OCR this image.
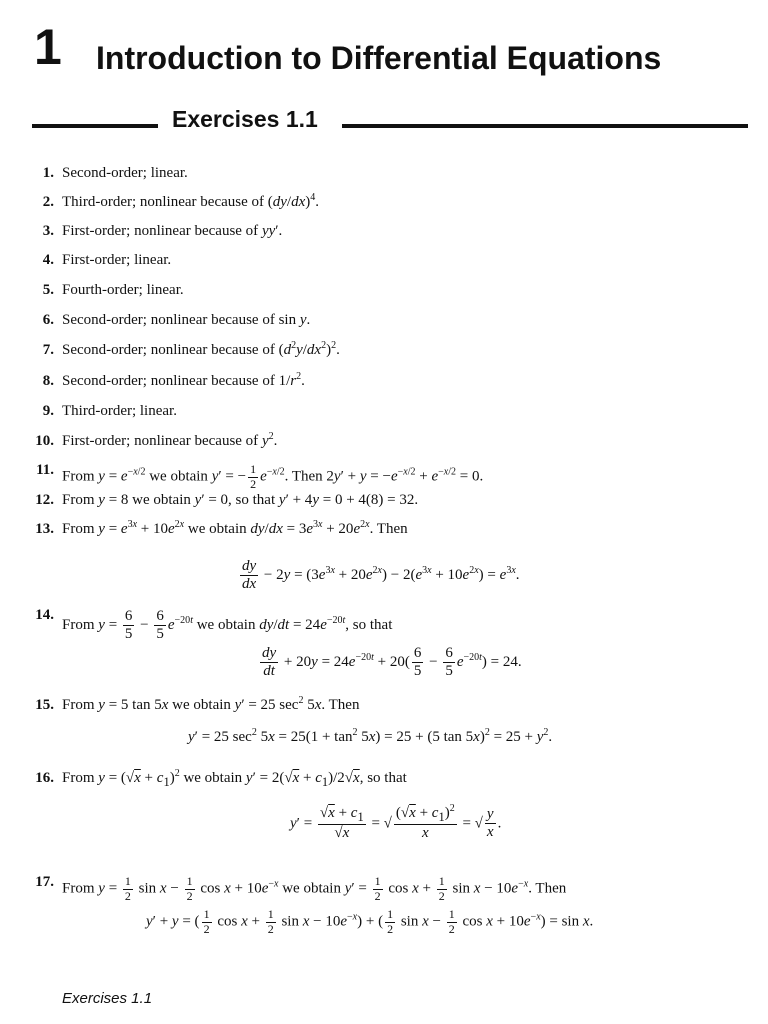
1 Introduction to Differential Equations
Exercises 1.1
1. Second-order; linear.
2. Third-order; nonlinear because of $(dy/dx)^4$.
3. First-order; nonlinear because of yy′.
4. First-order; linear.
5. Fourth-order; linear.
6. Second-order; nonlinear because of sin y.
7. Second-order; nonlinear because of $(d^2y/dx^2)^2$.
8. Second-order; nonlinear because of $1/r^2$.
9. Third-order; linear.
10. First-order; nonlinear because of $y^2$.
11. From $y = e^{-x/2}$ we obtain y′ = − $\frac{1}{2} e^{-x/2}$. Then $2y' + y = -e^{-x/2} + e^{-x/2} = 0$.
12. From y = 8 we obtain y′ = 0, so that y′ + 4y = 0 + 4(8) = 32.
13. From $y = e^{3x} + 10e^{2x}$ we obtain $dy/dx = 3e^{3x} + 20e^{2x}$. Then
14.
From $y = \frac{6}{5} - \frac{6}{5} e^{-20t}$ we obtain $dy/dt = 24e^{-20t}$, so that
15. From y = 5 tan 5x we obtain y′ = 25 $\sec^2 5x$. Then
16. From $y = (√x + c_1)^2$ we obtain $y' = 2(√x + c_1)/2√x$, so that
17. From $y = \frac{1}{2}$ $\sin x - \frac{1}{2}$ $\cos x + 10e^{-x}$ we obtain $y' = \frac{1}{2}$ $\cos x + \frac{1}{2}$ $\sin x - 10e^{-x}$. Then
$\frac{dy}{dx} - 2y = (3e^{3x} + 20e^{2x}) - 2(e^{3x} + 10e^{2x}) = e^{3x}$.
$\frac{dy}{dt} + 20y = 24e^{-20t} + 20( \frac{6}{5} - \frac{6}{5} e^{-20t}) = 24$.
y′ = 25 $\sec^2 5x = 25(1 + \tan^2 5x) = 25 + (5$ $\tan 5x)^2 = 25 + y^2$.
$y' = \frac{√x + c_1}{√x}$ = √ $\frac{(√x + c_1)^2}{x}$ = √ $\frac{y}{x}$ .
y′ + y = ( $\frac{1}{2}$ $\cos x + \frac{1}{2}$ $\sin x - 10e^{-x}$) + ( $\frac{1}{2}$ $\sin x - \frac{1}{2}$ $\cos x + 10e^{-x}) = \sin x$.
Exercises 1.1
